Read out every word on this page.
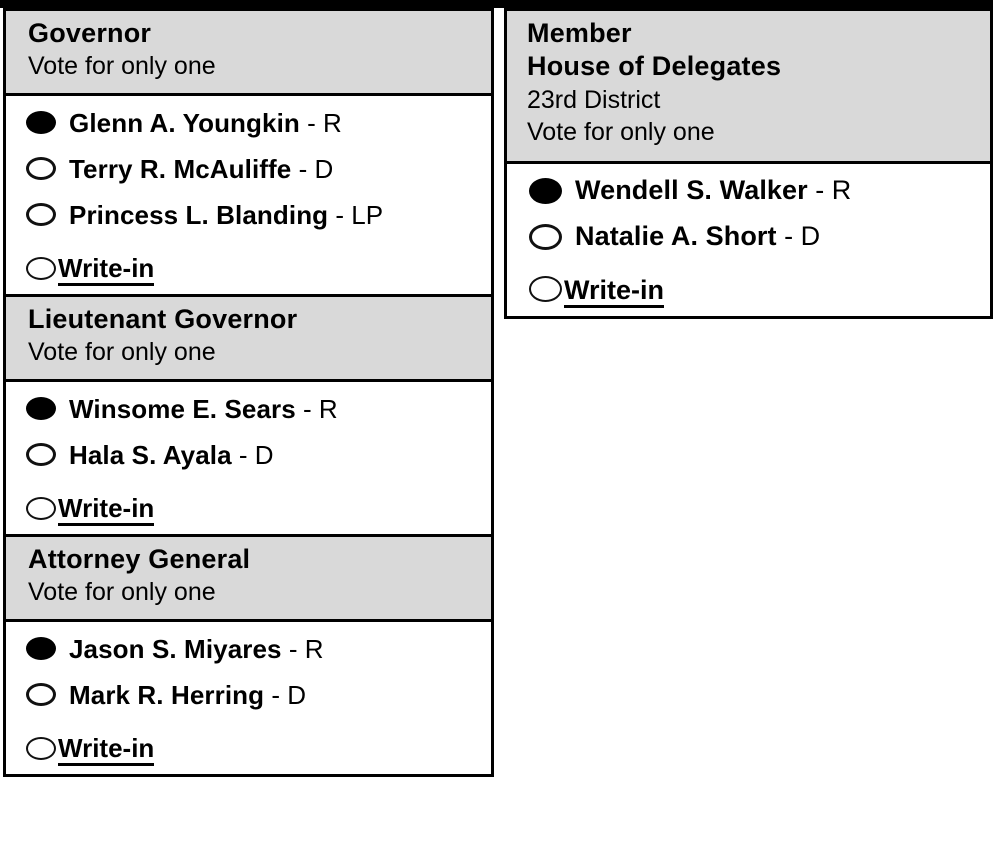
Governor
Vote for only one
Glenn A. Youngkin - R
Terry R. McAuliffe - D
Princess L. Blanding - LP
Write-in
Lieutenant Governor
Vote for only one
Winsome E. Sears - R
Hala S. Ayala - D
Write-in
Attorney General
Vote for only one
Jason S. Miyares - R
Mark R. Herring - D
Write-in
Member
House of Delegates
23rd District
Vote for only one
Wendell S. Walker - R
Natalie A. Short - D
Write-in
